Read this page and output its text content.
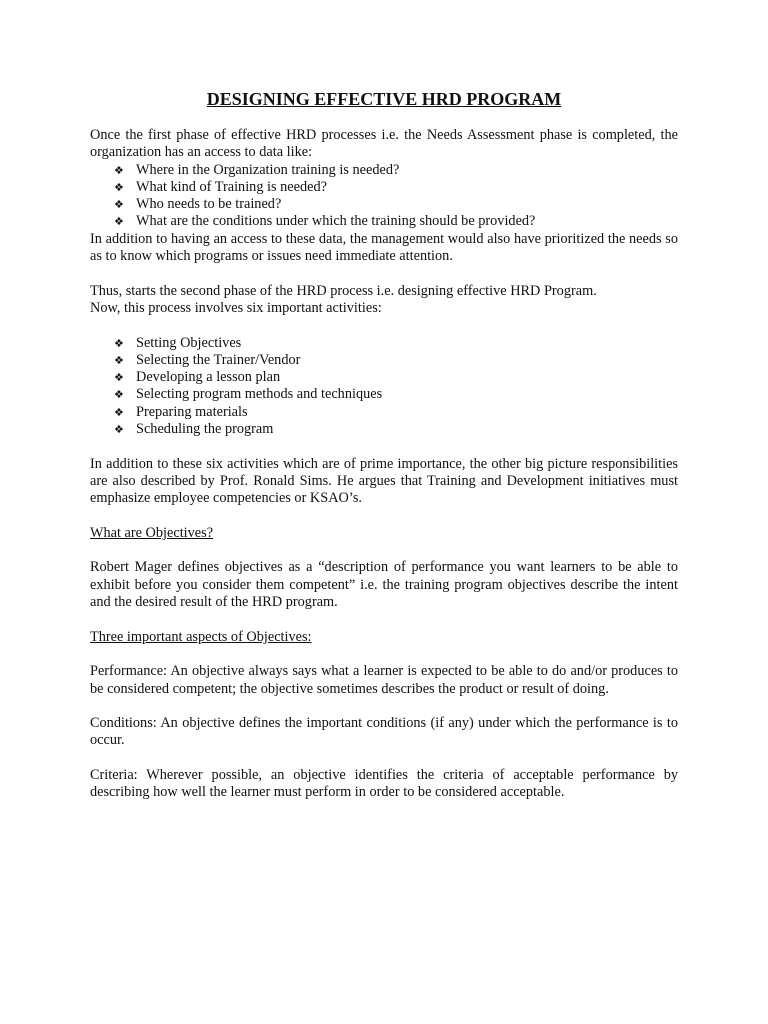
DESIGNING EFFECTIVE HRD PROGRAM

Once the first phase of effective HRD processes i.e. the Needs Assessment phase is completed, the organization has an access to data like:

❖ Where in the Organization training is needed?
❖ What kind of Training is needed?
❖ Who needs to be trained?
❖ What are the conditions under which the training should be provided?

In addition to having an access to these data, the management would also have prioritized the needs so as to know which programs or issues need immediate attention.

Thus, starts the second phase of the HRD process i.e. designing effective HRD Program.

Now, this process involves six important activities:

❖ Setting Objectives
❖ Selecting the Trainer/Vendor
❖ Developing a lesson plan
❖ Selecting program methods and techniques
❖ Preparing materials
❖ Scheduling the program

In addition to these six activities which are of prime importance, the other big picture responsibilities are also described by Prof. Ronald Sims. He argues that Training and Development initiatives must emphasize employee competencies or KSAO’s.

What are Objectives?

Robert Mager defines objectives as a “description of performance you want learners to be able to exhibit before you consider them competent” i.e. the training program objectives describe the intent and the desired result of the HRD program.

Three important aspects of Objectives:

Performance: An objective always says what a learner is expected to be able to do and/or produces to be considered competent; the objective sometimes describes the product or result of doing.

Conditions: An objective defines the important conditions (if any) under which the performance is to occur.

Criteria: Wherever possible, an objective identifies the criteria of acceptable performance by describing how well the learner must perform in order to be considered acceptable.
